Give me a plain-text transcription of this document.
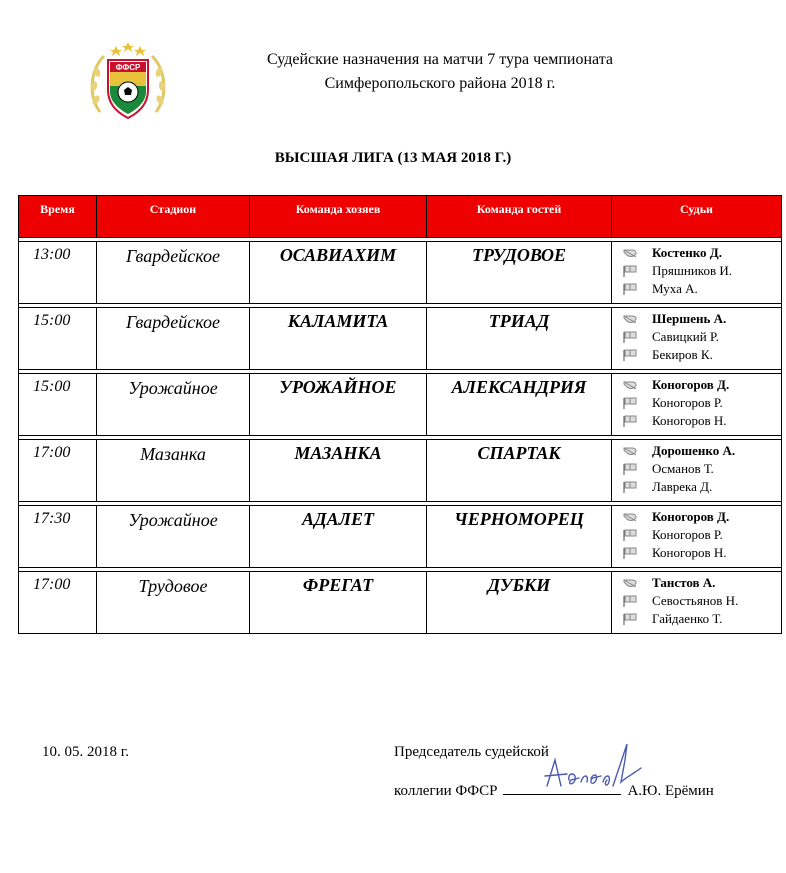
ФФСР	Судейские назначения на матчи 7 тура чемпионата
Симферопольского района 2018 г.
ВЫСШАЯ ЛИГА (13 МАЯ 2018 Г.)
Время	Стадион	Команда хозяев	Команда гостей	Судьи

13:00	Гвардейское	ОСАВИАХИМ	ТРУДОВОЕ	Костенко Д.
Пряшников И.
Муха А.

15:00	Гвардейское	КАЛАМИТА	ТРИАД	Шершень А.
Савицкий Р.
Бекиров К.

15:00	Урожайное	УРОЖАЙНОЕ	АЛЕКСАНДРИЯ	Коногоров Д.
Коногоров Р.
Коногоров Н.

17:00	Мазанка	МАЗАНКА	СПАРТАК	Дорошенко А.
Османов Т.
Лаврека Д.

17:30	Урожайное	АДАЛЕТ	ЧЕРНОМОРЕЦ	Коногоров Д.
Коногоров Р.
Коногоров Н.

17:00	Трудовое	ФРЕГАТ	ДУБКИ	Танстов А.
Севостьянов Н.
Гайдаенко Т.
10. 05. 2018 г.	Председатель судейской
коллегии ФФСР	А.Ю. Ерёмин
